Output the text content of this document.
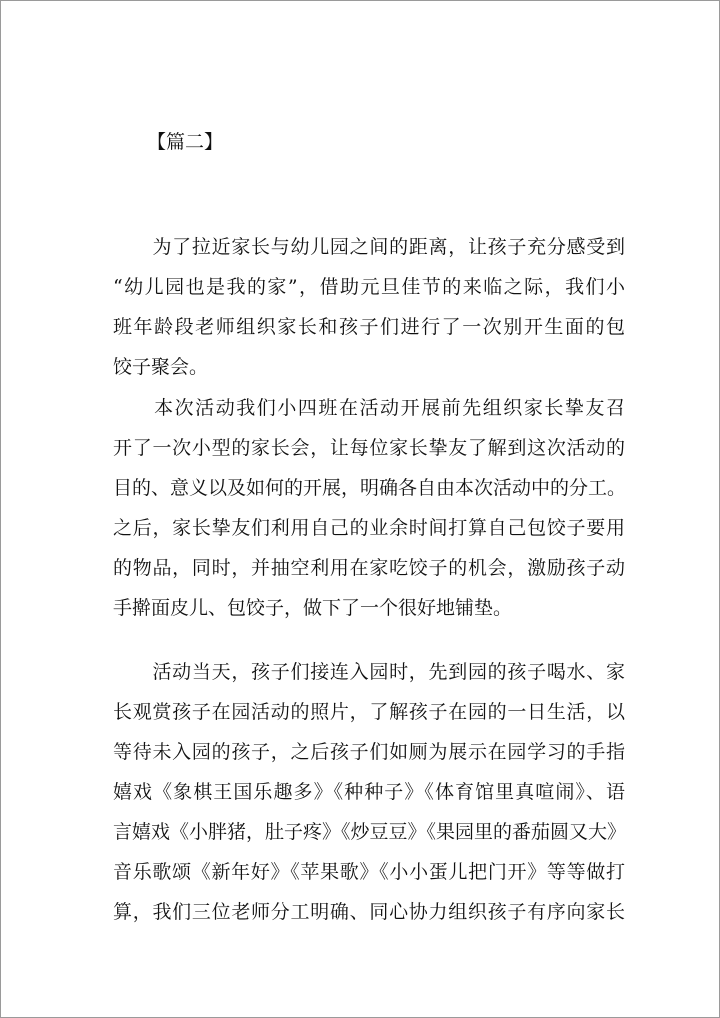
【篇二】
　　为了拉近家长与幼儿园之间的距离，让孩子充分感受到
“幼儿园也是我的家”，借助元旦佳节的来临之际，我们小
班年龄段老师组织家长和孩子们进行了一次别开生面的包
饺子聚会。
　　本次活动我们小四班在活动开展前先组织家长挚友召
开了一次小型的家长会，让每位家长挚友了解到这次活动的
目的、意义以及如何的开展，明确各自由本次活动中的分工。
之后，家长挚友们利用自己的业余时间打算自己包饺子要用
的物品，同时，并抽空利用在家吃饺子的机会，激励孩子动
手擀面皮儿、包饺子，做下了一个很好地铺垫。
　　活动当天，孩子们接连入园时，先到园的孩子喝水、家
长观赏孩子在园活动的照片，了解孩子在园的一日生活，以
等待未入园的孩子，之后孩子们如厕为展示在园学习的手指
嬉戏《象棋王国乐趣多》《种种子》《体育馆里真喧闹》、语
言嬉戏《小胖猪，肚子疼》《炒豆豆》《果园里的番茄圆又大》
音乐歌颂《新年好》《苹果歌》《小小蛋儿把门开》等等做打
算，我们三位老师分工明确、同心协力组织孩子有序向家长
